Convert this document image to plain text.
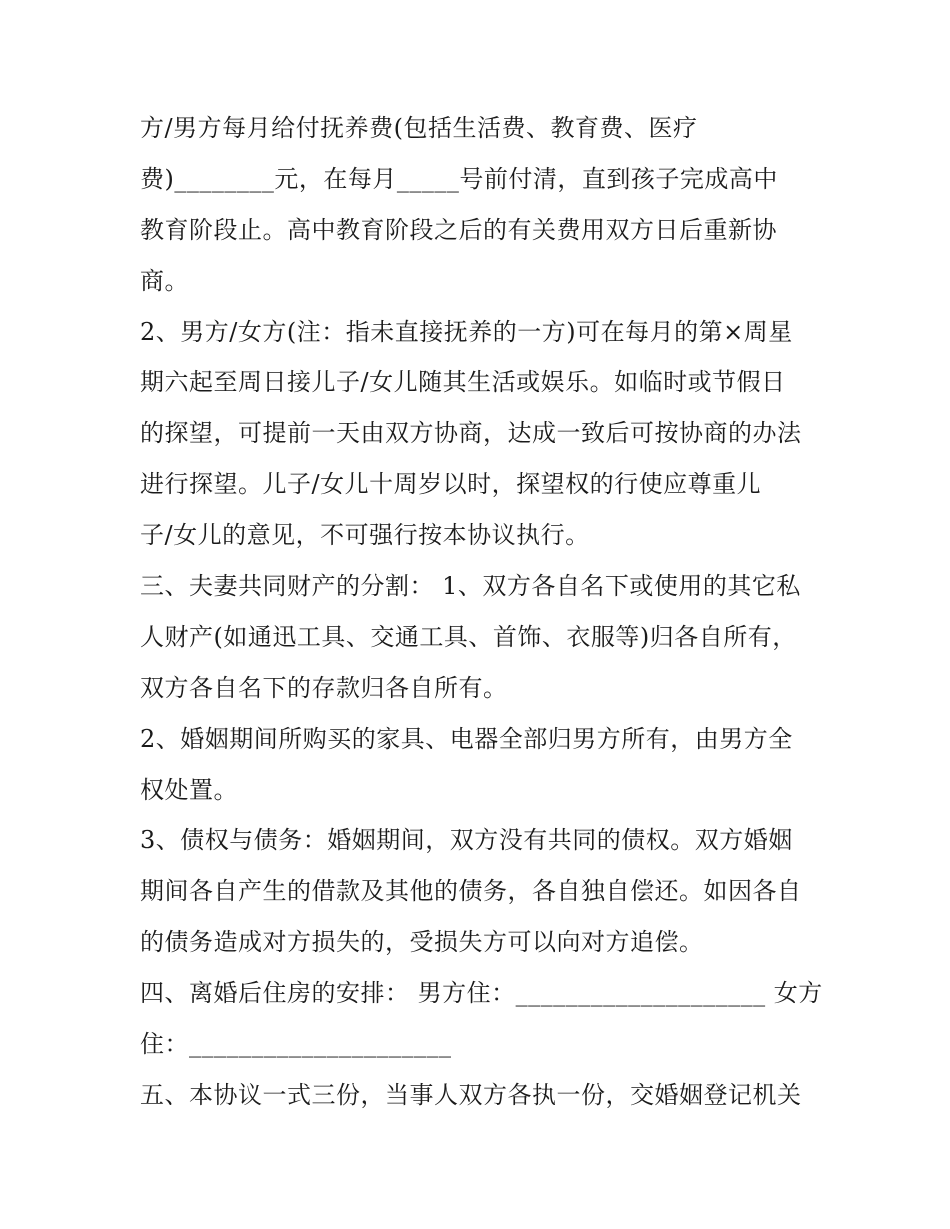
方/男方每月给付抚养费(包括生活费、教育费、医疗
费)________元，在每月_____号前付清，直到孩子完成高中
教育阶段止。高中教育阶段之后的有关费用双方日后重新协
商。
2、男方/女方(注：指未直接抚养的一方)可在每月的第×周星
期六起至周日接儿子/女儿随其生活或娱乐。如临时或节假日
的探望，可提前一天由双方协商，达成一致后可按协商的办法
进行探望。儿子/女儿十周岁以时，探望权的行使应尊重儿
子/女儿的意见，不可强行按本协议执行。
三、夫妻共同财产的分割： 1、双方各自名下或使用的其它私
人财产(如通迅工具、交通工具、首饰、衣服等)归各自所有，
双方各自名下的存款归各自所有。
2、婚姻期间所购买的家具、电器全部归男方所有，由男方全
权处置。
3、债权与债务：婚姻期间，双方没有共同的债权。双方婚姻
期间各自产生的借款及其他的债务，各自独自偿还。如因各自
的债务造成对方损失的，受损失方可以向对方追偿。
四、离婚后住房的安排： 男方住：____________________ 女方
住：_____________________
五、本协议一式三份，当事人双方各执一份，交婚姻登记机关
